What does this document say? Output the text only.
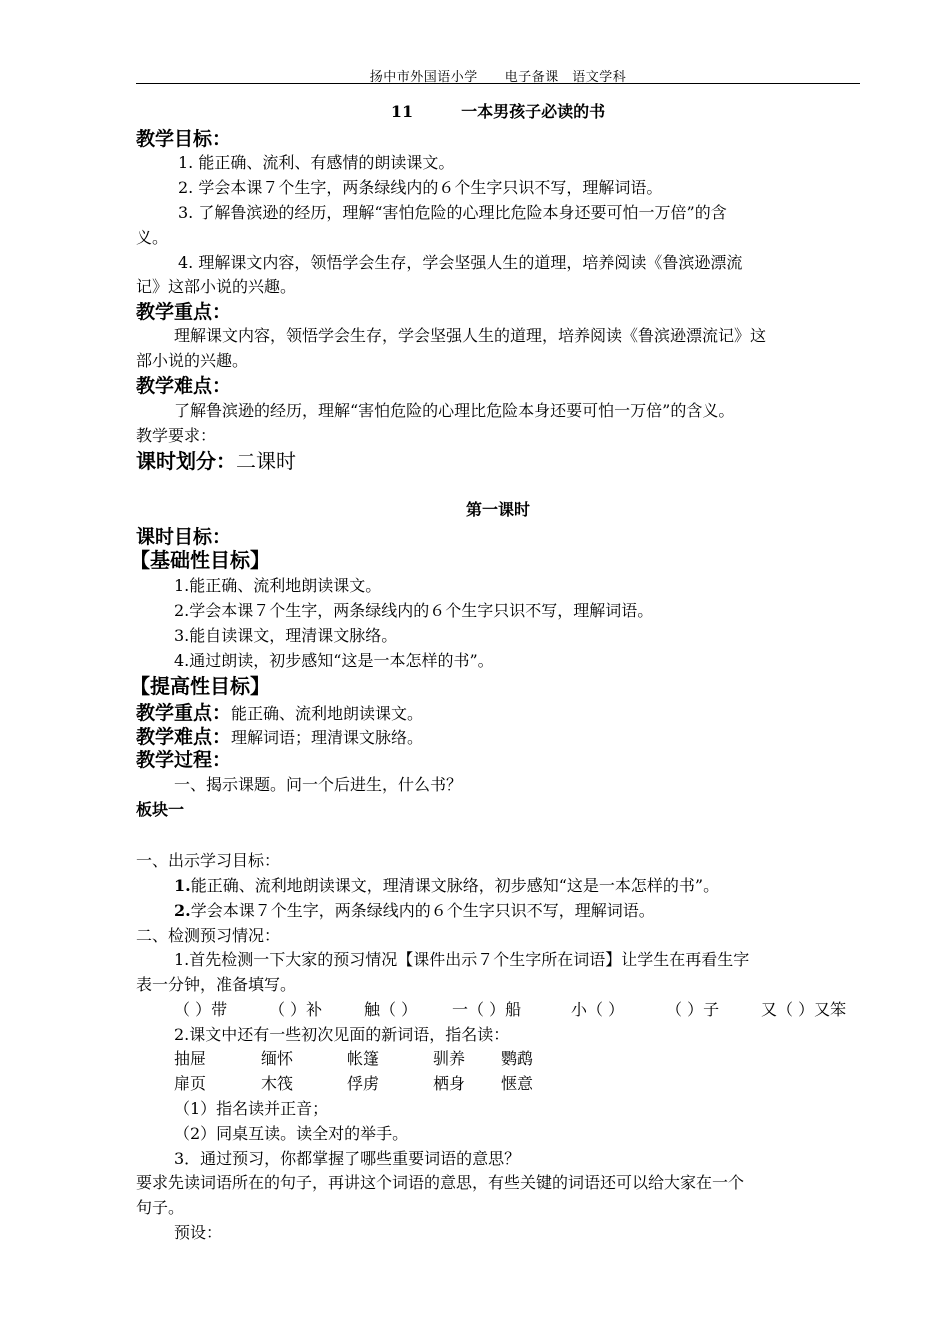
扬中市外国语小学　　电子备课　语文学科
11	一本男孩子必读的书
教学目标：
1. 能正确、流利、有感情的朗读课文。
2. 学会本课７个生字，两条绿线内的６个生字只识不写，理解词语。
3. 了解鲁滨逊的经历，理解“害怕危险的心理比危险本身还要可怕一万倍”的含
义。
4. 理解课文内容，领悟学会生存，学会坚强人生的道理，培养阅读《鲁滨逊漂流
记》这部小说的兴趣。
教学重点：
理解课文内容，领悟学会生存，学会坚强人生的道理，培养阅读《鲁滨逊漂流记》这
部小说的兴趣。
教学难点：
了解鲁滨逊的经历，理解“害怕危险的心理比危险本身还要可怕一万倍”的含义。
教学要求：
课时划分：二课时
第一课时
课时目标：
【基础性目标】
1.能正确、流利地朗读课文。
2.学会本课７个生字，两条绿线内的６个生字只识不写，理解词语。
3.能自读课文，理清课文脉络。
4.通过朗读，初步感知“这是一本怎样的书”。
【提高性目标】
教学重点：能正确、流利地朗读课文。
教学难点：理解词语；理清课文脉络。
教学过程：
一、揭示课题。问一个后进生，什么书？
板块一
一、出示学习目标：
1.能正确、流利地朗读课文，理清课文脉络，初步感知“这是一本怎样的书”。
2.学会本课７个生字，两条绿线内的６个生字只识不写，理解词语。
二、检测预习情况：
1.首先检测一下大家的预习情况【课件出示７个生字所在词语】让学生在再看生字
表一分钟，准备填写。
（ ）带	（ ）补	触（ ） 一（ ）船	小（ ）	（ ）子	又（ ）又笨
2.课文中还有一些初次见面的新词语，指名读：
抽屉	缅怀	帐篷	驯养 鹦鹉
扉页	木筏	俘虏	栖身 惬意
（1）指名读并正音；
（2）同桌互读。读全对的举手。
3．通过预习，你都掌握了哪些重要词语的意思？
要求先读词语所在的句子，再讲这个词语的意思，有些关键的词语还可以给大家在一个
句子。
预设：
